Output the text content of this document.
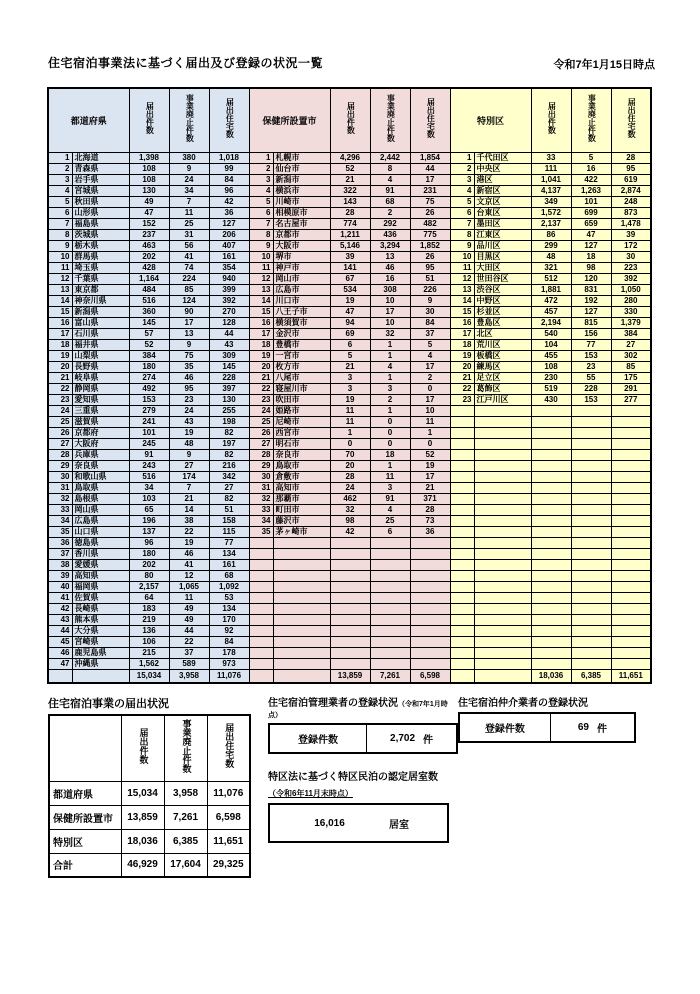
住宅宿泊事業法に基づく届出及び登録の状況一覧	令和7年1月15日時点
都道府県		届出件数	事業廃止件数	届出住宅数	保健所設置市		届出件数	事業廃止件数	届出住宅数	特別区		届出件数	事業廃止件数	届出住宅数
1	北海道	1,398	380	1,018	1	札幌市	4,296	2,442	1,854	1	千代田区	33	5	28
2	青森県	108	9	99	2	仙台市	52	8	44	2	中央区	111	16	95
3	岩手県	108	24	84	3	新潟市	21	4	17	3	港区	1,041	422	619
4	宮城県	130	34	96	4	横浜市	322	91	231	4	新宿区	4,137	1,263	2,874
5	秋田県	49	7	42	5	川崎市	143	68	75	5	文京区	349	101	248
6	山形県	47	11	36	6	相模原市	28	2	26	6	台東区	1,572	699	873
7	福島県	152	25	127	7	名古屋市	774	292	482	7	墨田区	2,137	659	1,478
8	茨城県	237	31	206	8	京都市	1,211	436	775	8	江東区	86	47	39
9	栃木県	463	56	407	9	大阪市	5,146	3,294	1,852	9	品川区	299	127	172
10	群馬県	202	41	161	10	堺市	39	13	26	10	目黒区	48	18	30
11	埼玉県	428	74	354	11	神戸市	141	46	95	11	大田区	321	98	223
12	千葉県	1,164	224	940	12	岡山市	67	16	51	12	世田谷区	512	120	392
13	東京都	484	85	399	13	広島市	534	308	226	13	渋谷区	1,881	831	1,050
14	神奈川県	516	124	392	14	川口市	19	10	9	14	中野区	472	192	280
15	新潟県	360	90	270	15	八王子市	47	17	30	15	杉並区	457	127	330
16	富山県	145	17	128	16	横須賀市	94	10	84	16	豊島区	2,194	815	1,379
17	石川県	57	13	44	17	金沢市	69	32	37	17	北区	540	156	384
18	福井県	52	9	43	18	豊橋市	6	1	5	18	荒川区	104	77	27
19	山梨県	384	75	309	19	一宮市	5	1	4	19	板橋区	455	153	302
20	長野県	180	35	145	20	枚方市	21	4	17	20	練馬区	108	23	85
21	岐阜県	274	46	228	21	八尾市	3	1	2	21	足立区	230	55	175
22	静岡県	492	95	397	22	寝屋川市	3	3	0	22	葛飾区	519	228	291
23	愛知県	153	23	130	23	吹田市	19	2	17	23	江戸川区	430	153	277
24	三重県	279	24	255	24	姫路市	11	1	10					
25	滋賀県	241	43	198	25	尼崎市	11	0	11					
26	京都府	101	19	82	26	西宮市	1	0	1					
27	大阪府	245	48	197	27	明石市	0	0	0					
28	兵庫県	91	9	82	28	奈良市	70	18	52					
29	奈良県	243	27	216	29	鳥取市	20	1	19					
30	和歌山県	516	174	342	30	倉敷市	28	11	17					
31	鳥取県	34	7	27	31	高知市	24	3	21					
32	島根県	103	21	82	32	那覇市	462	91	371					
33	岡山県	65	14	51	33	町田市	32	4	28					
34	広島県	196	38	158	34	藤沢市	98	25	73					
35	山口県	137	22	115	35	茅ヶ崎市	42	6	36					
36	徳島県	96	19	77										
37	香川県	180	46	134										
38	愛媛県	202	41	161										
39	高知県	80	12	68										
40	福岡県	2,157	1,065	1,092										
41	佐賀県	64	11	53										
42	長崎県	183	49	134										
43	熊本県	219	49	170										
44	大分県	136	44	92										
45	宮崎県	106	22	84										
46	鹿児島県	215	37	178										
47	沖縄県	1,562	589	973										
		15,034	3,958	11,076			13,859	7,261	6,598			18,036	6,385	11,651
住宅宿泊事業の届出状況
	届出件数	事業廃止件数	届出住宅数
都道府県	15,034	3,958	11,076
保健所設置市	13,859	7,261	6,598
特別区	18,036	6,385	11,651
合計	46,929	17,604	29,325
住宅宿泊管理業者の登録状況（令和7年1月時点）
登録件数	2,702 件
住宅宿泊仲介業者の登録状況
登録件数	69 件
特区法に基づく特区民泊の認定居室数
（令和6年11月末時点）
16,016	居室
